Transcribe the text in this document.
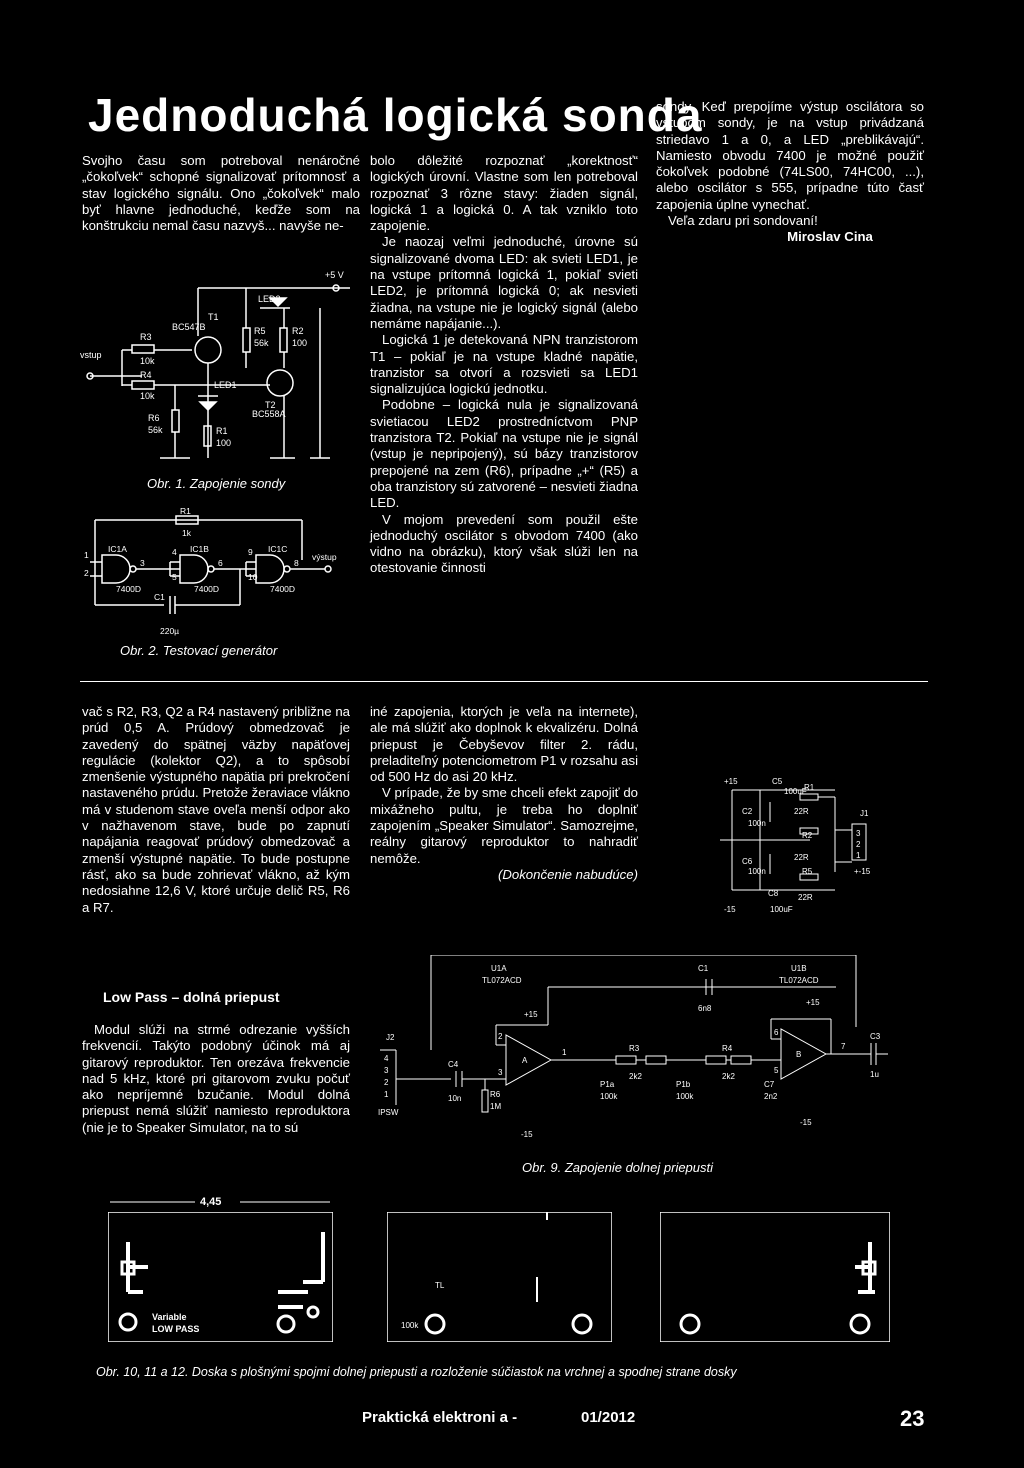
Jednoduchá logická sonda

Svojho času som potreboval nenáročné „čokoľvek“ schopné signalizovať prítomnosť a stav logického signálu. Ono „čokoľvek“ malo byť hlavne jednoduché, keďže som na konštrukciu nemal času nazvyš... navyše ne-

vstup
+5 V
R3
10k
R4
10k
T1
BC547B
LED1
LED2
R5
56k
R2
100
T2
BC558A
R6
56k	R1
100
Obr. 1. Zapojenie sondy
R1
1k
IC1A	IC1B	IC1C
7400D	7400D	7400D
výstup
C1
220µ
1
2
3
4
5
6	8
9
10
Obr. 2. Testovací generátor

bolo dôležité rozpoznať „korektnosť“ logických úrovní. Vlastne som len potreboval rozpoznať 3 rôzne stavy: žiaden signál, logická 1 a logická 0. A tak vzniklo toto zapojenie.

Je naozaj veľmi jednoduché, úrovne sú signalizované dvoma LED: ak svieti LED1, je na vstupe prítomná logická 1, pokiaľ svieti LED2, je prítomná logická 0; ak nesvieti žiadna, na vstupe nie je logický signál (alebo nemáme napájanie...).

Logická 1 je detekovaná NPN tranzistorom T1 – pokiaľ je na vstupe kladné napätie, tranzistor sa otvorí a rozsvieti sa LED1 signalizujúca logickú jednotku.

Podobne – logická nula je signalizovaná svietiacou LED2 prostredníctvom PNP tranzistora T2. Pokiaľ na vstupe nie je signál (vstup je nepripojený), sú bázy tranzistorov prepojené na zem (R6), prípadne „+“ (R5) a oba tranzistory sú zatvorené – nesvieti žiadna LED.

V mojom prevedení som použil ešte jednoduchý oscilátor s obvodom 7400 (ako vidno na obrázku), ktorý však slúži len na otestovanie činnosti

sondy. Keď prepojíme výstup oscilátora so vstupom sondy, je na vstup privádzaná striedavo 1 a 0, a LED „preblikávajú“. Namiesto obvodu 7400 je možné použiť čokoľvek podobné (74LS00, 74HC00, ...), alebo oscilátor s 555, prípadne túto časť zapojenia úplne vynechať.

Veľa zdaru pri sondovaní!

Miroslav Cina

vač s R2, R3, Q2 a R4 nastavený približne na prúd 0,5 A. Prúdový obmedzovač je zavedený do spätnej väzby napäťovej regulácie (kolektor Q2), a to spôsobí zmenšenie výstupného napätia pri prekročení nastaveného prúdu. Pretože žeraviace vlákno má v studenom stave oveľa menší odpor ako v nažhavenom stave, bude po zapnutí napájania reagovať prúdový obmedzovač a zmenší výstupné napätie. To bude postupne rásť, ako sa bude zohrievať vlákno, až kým nedosiahne 12,6 V, ktoré určuje delič R5, R6 a R7.

Low Pass – dolná priepust

Modul slúži na strmé odrezanie vyšších frekvencií. Takýto podobný účinok má aj gitarový reproduktor. Ten orezáva frekvencie nad 5 kHz, ktoré pri gitarovom zvuku počuť ako nepríjemné bzučanie. Modul dolná priepust nemá slúžiť namiesto reproduktora (nie je to Speaker Simulator, na to sú

iné zapojenia, ktorých je veľa na internete), ale má slúžiť ako doplnok k ekvalizéru. Dolná priepust je Čebyševov filter 2. rádu, preladiteľný potenciometrom P1 v rozsahu asi od 500 Hz do asi 20 kHz.

V prípade, že by sme chceli efekt zapojiť do mixážneho pultu, je treba ho doplniť zapojením „Speaker Simulator“. Samozrejme, reálny gitarový reproduktor to nahradiť nemôže.

(Dokončenie nabudúce)

+15
-15
C5
100uF
R1
C2
100n
22R
R2
22R
C6
100n	R5
C8
100uF
22R
J1
3
2
1
+-15
U1A
TL072ACD
U1B
TL072ACD
C1
6n8
+15
+15
-15
-15
J2
IPSW
4
3
2
1
C4
10n	R6
1M
A
B
2
3
1
6
5
7
R3
2k2
P1a
100k
R4
2k2
P1b
100k
C7
2n2
C3
1u
Obr. 9. Zapojenie dolnej priepusti
4,45
Variable
LOW PASS
TL
100k
Obr. 10, 11 a 12. Doska s plošnými spojmi dolnej priepusti a rozloženie súčiastok na vrchnej a spodnej strane dosky
Praktická elektroni a -	01/2012	23
